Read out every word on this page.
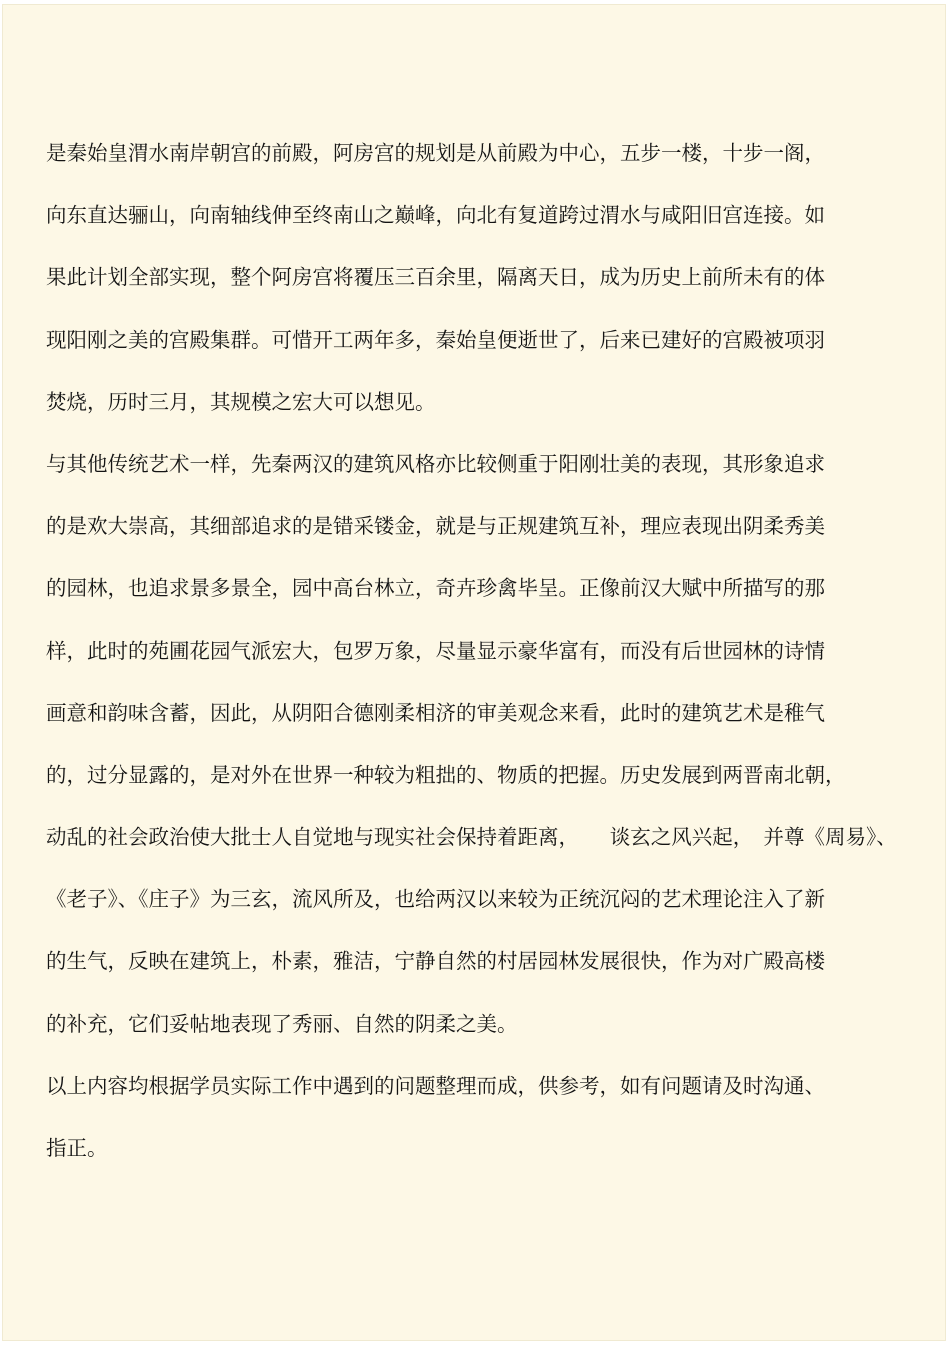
是秦始皇渭水南岸朝宫的前殿，阿房宫的规划是从前殿为中心，五步一楼，十步一阁，
向东直达骊山，向南轴线伸至终南山之巅峰，向北有复道跨过渭水与咸阳旧宫连接。如
果此计划全部实现，整个阿房宫将覆压三百余里，隔离天日，成为历史上前所未有的体
现阳刚之美的宫殿集群。可惜开工两年多，秦始皇便逝世了，后来已建好的宫殿被项羽
焚烧，历时三月，其规模之宏大可以想见。
与其他传统艺术一样，先秦两汉的建筑风格亦比较侧重于阳刚壮美的表现，其形象追求
的是欢大崇高，其细部追求的是错采镂金，就是与正规建筑互补，理应表现出阴柔秀美
的园林，也追求景多景全，园中高台林立，奇卉珍禽毕呈。正像前汉大赋中所描写的那
样，此时的苑圃花园气派宏大，包罗万象，尽量显示豪华富有，而没有后世园林的诗情
画意和韵味含蓄，因此，从阴阳合德刚柔相济的审美观念来看，此时的建筑艺术是稚气
的，过分显露的，是对外在世界一种较为粗拙的、物质的把握。历史发展到两晋南北朝，
动乱的社会政治使大批士人自觉地与现实社会保持着距离，　　谈玄之风兴起，　并尊《周易》、
《老子》、《庄子》为三玄，流风所及，也给两汉以来较为正统沉闷的艺术理论注入了新
的生气，反映在建筑上，朴素，雅洁，宁静自然的村居园林发展很快，作为对广殿高楼
的补充，它们妥帖地表现了秀丽、自然的阴柔之美。
以上内容均根据学员实际工作中遇到的问题整理而成，供参考，如有问题请及时沟通、
指正。
